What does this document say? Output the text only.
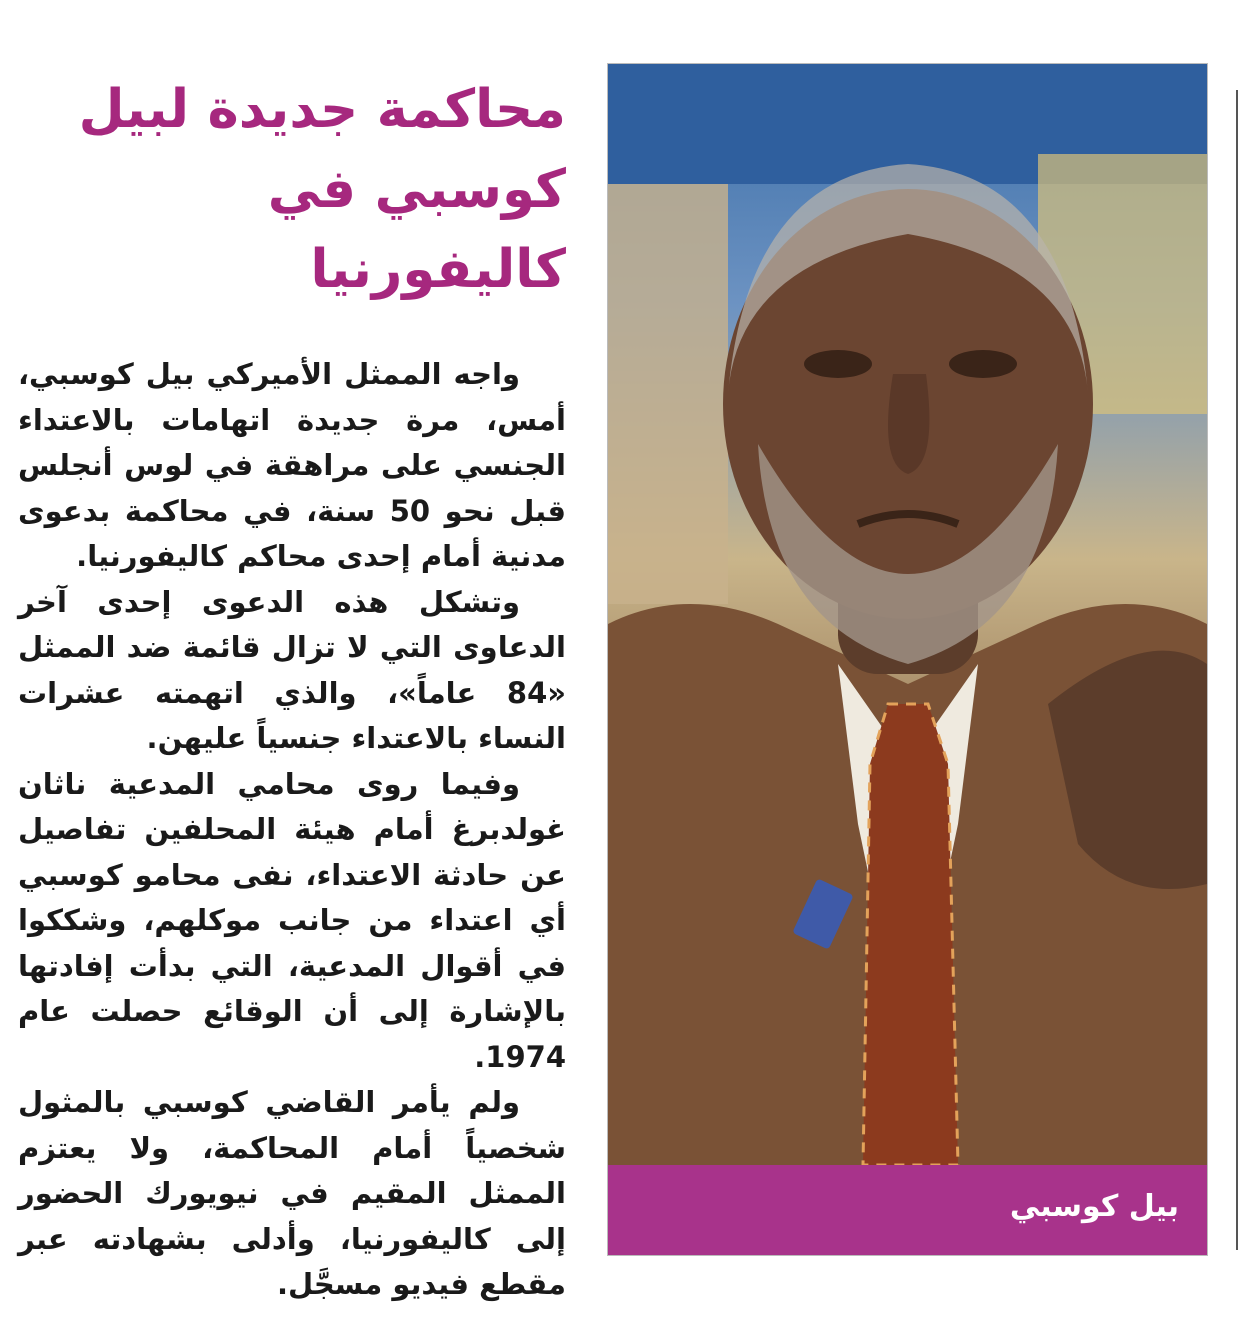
محاكمة جديدة لبيل كوسبي في كاليفورنيا

واجه الممثل الأميركي بيل كوسبي، أمس، مرة جديدة اتهامات بالاعتداء الجنسي على مراهقة في لوس أنجلس قبل نحو 50 سنة، في محاكمة بدعوى مدنية أمام إحدى محاكم كاليفورنيا.

وتشكل هذه الدعوى إحدى آخر الدعاوى التي لا تزال قائمة ضد الممثل «84 عاماً»، والذي اتهمته عشرات النساء بالاعتداء جنسياً عليهن.

وفيما روى محامي المدعية ناثان غولدبرغ أمام هيئة المحلفين تفاصيل عن حادثة الاعتداء، نفى محامو كوسبي أي اعتداء من جانب موكلهم، وشككوا في أقوال المدعية، التي بدأت إفادتها بالإشارة إلى أن الوقائع حصلت عام 1974.

ولم يأمر القاضي كوسبي بالمثول شخصياً أمام المحاكمة، ولا يعتزم الممثل المقيم في نيويورك الحضور إلى كاليفورنيا، وأدلى بشهادته عبر مقطع فيديو مسجَّل.

بيل كوسبي
